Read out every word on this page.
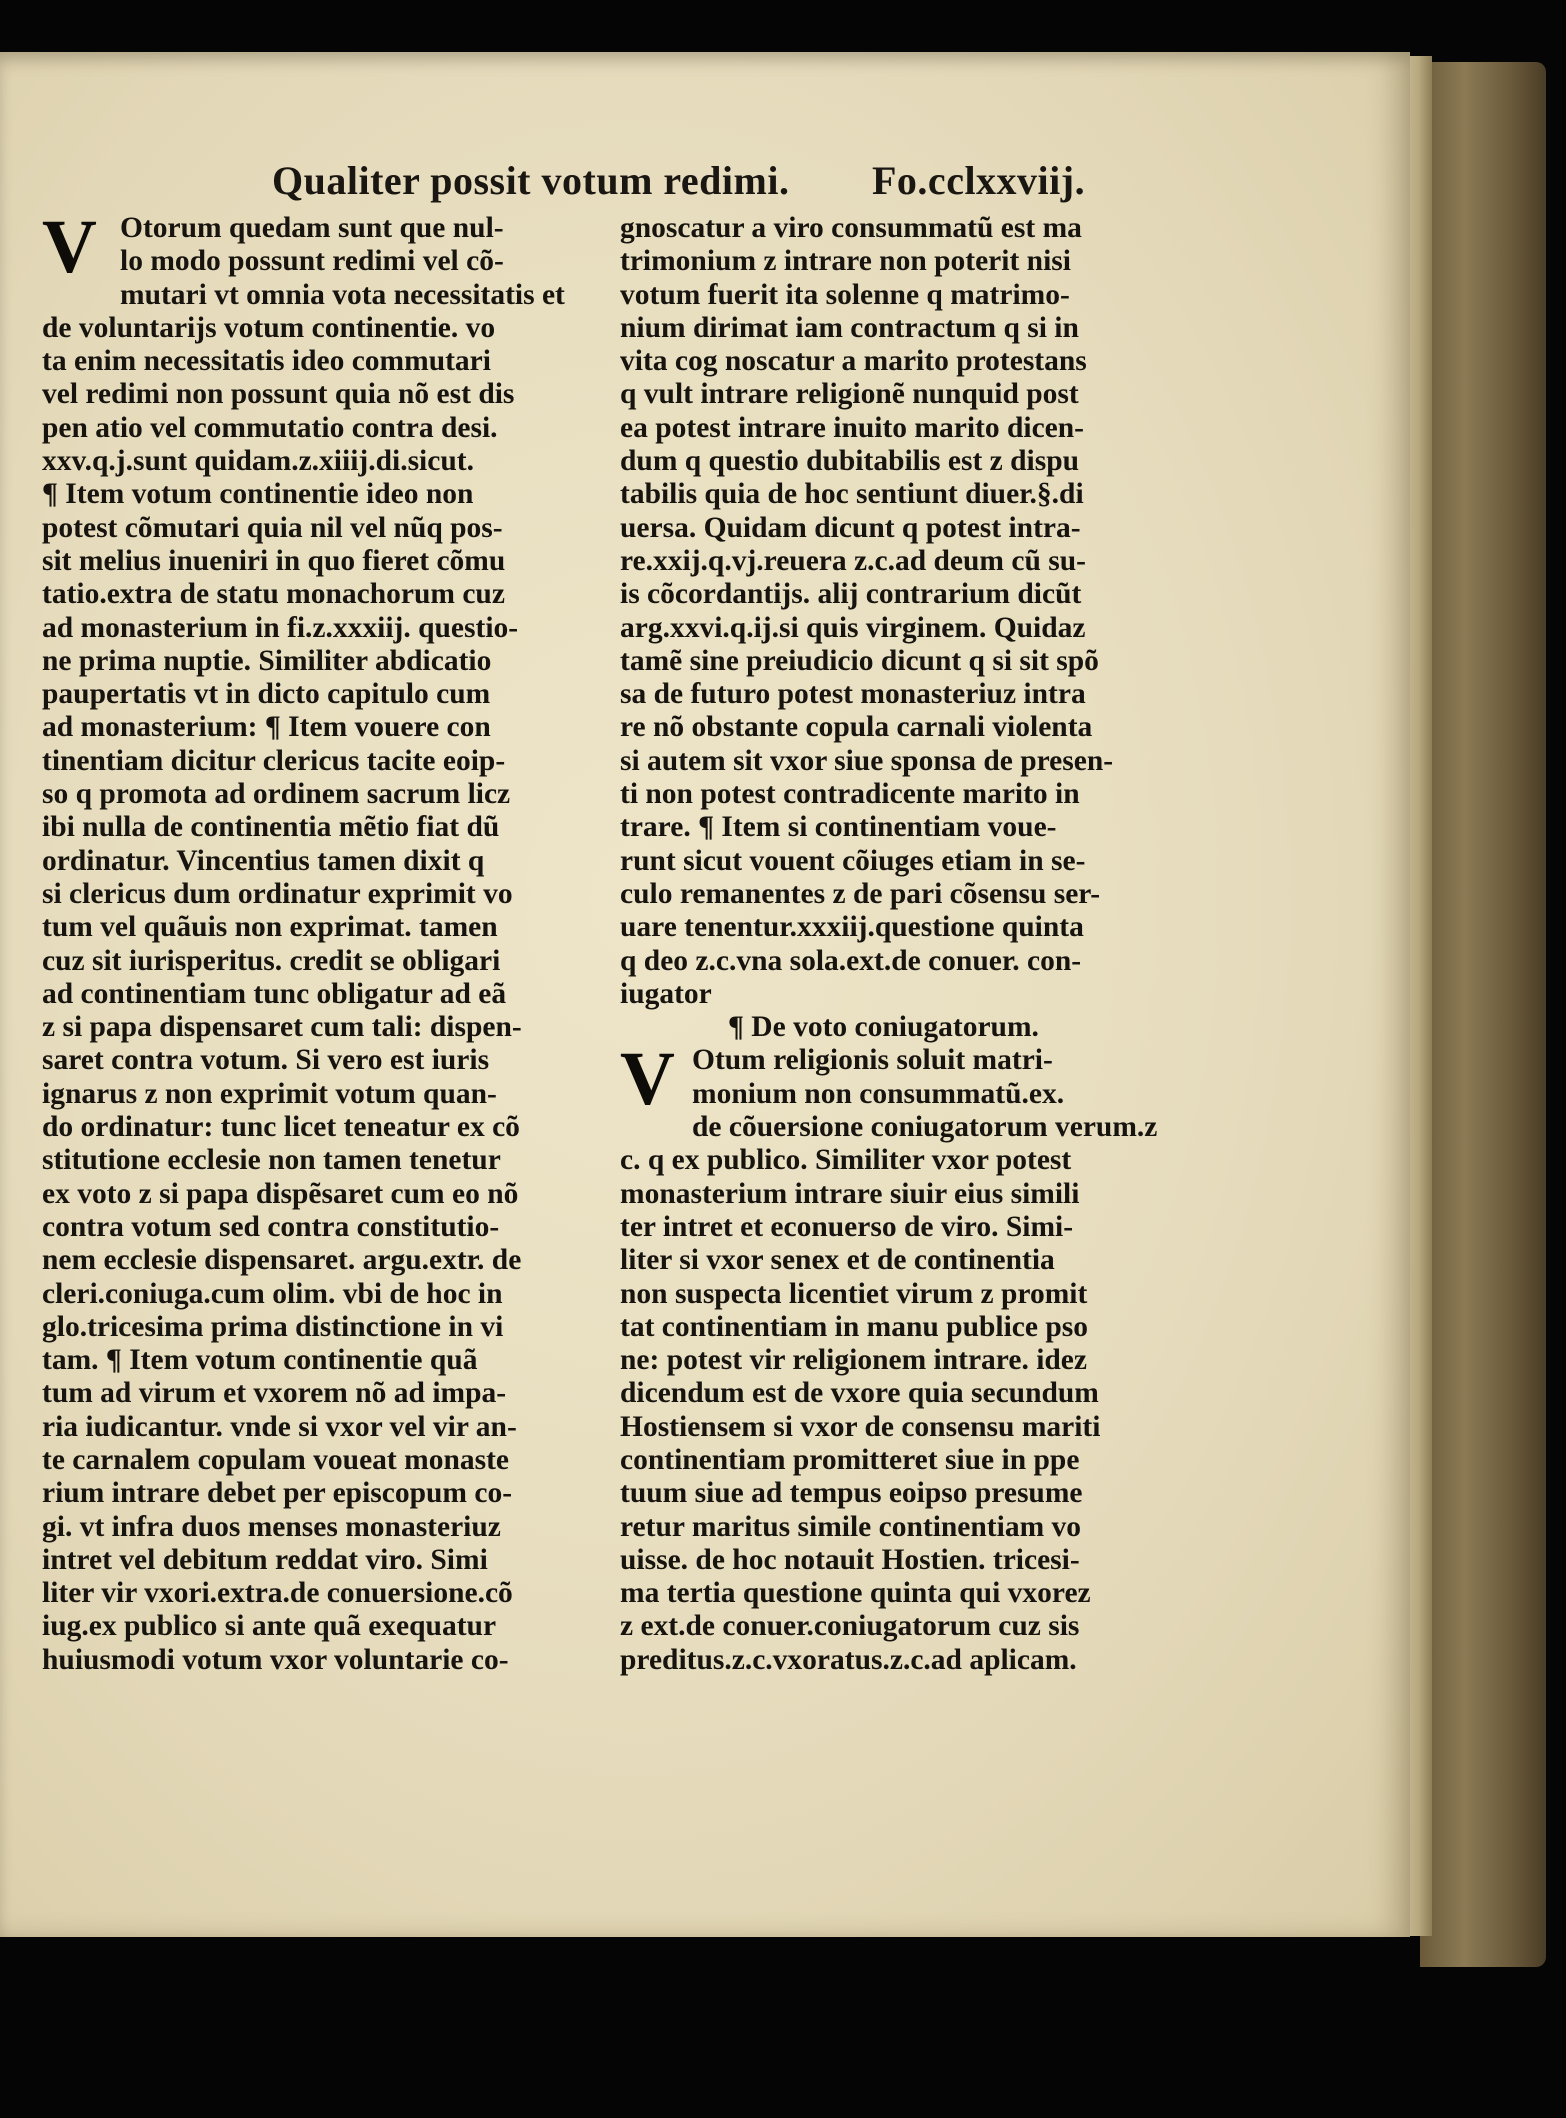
Qualiter possit votum redimi. Fo.cclxxviij.
V Otorum quedam sunt que nul-
lo modo possunt redimi vel cõ-
mutari vt omnia vota necessitatis et
de voluntarijs votum continentie. vo
ta enim necessitatis ideo commutari
vel redimi non possunt quia nõ est dis
pen atio vel commutatio contra desi.
xxv.q.j.sunt quidam.z.xiiij.di.sicut.
¶ Item votum continentie ideo non
potest cõmutari quia nil vel nũq pos-
sit melius inueniri in quo fieret cõmu
tatio.extra de statu monachorum cuz
ad monasterium in fi.z.xxxiij. questio-
ne prima nuptie. Similiter abdicatio
paupertatis vt in dicto capitulo cum
ad monasterium: ¶ Item vouere con
tinentiam dicitur clericus tacite eoip-
so q promota ad ordinem sacrum licz
ibi nulla de continentia mẽtio fiat dũ
ordinatur. Vincentius tamen dixit q
si clericus dum ordinatur exprimit vo
tum vel quãuis non exprimat. tamen
cuz sit iurisperitus. credit se obligari
ad continentiam tunc obligatur ad eã
z si papa dispensaret cum tali: dispen-
saret contra votum. Si vero est iuris
ignarus z non exprimit votum quan-
do ordinatur: tunc licet teneatur ex cõ
stitutione ecclesie non tamen tenetur
ex voto z si papa dispẽsaret cum eo nõ
contra votum sed contra constitutio-
nem ecclesie dispensaret. argu.extr. de
cleri.coniuga.cum olim. vbi de hoc in
glo.tricesima prima distinctione in vi
tam. ¶ Item votum continentie quã
tum ad virum et vxorem nõ ad impa-
ria iudicantur. vnde si vxor vel vir an-
te carnalem copulam voueat monaste
rium intrare debet per episcopum co-
gi. vt infra duos menses monasteriuz
intret vel debitum reddat viro. Simi
liter vir vxori.extra.de conuersione.cõ
iug.ex publico si ante quã exequatur
huiusmodi votum vxor voluntarie co-
gnoscatur a viro consummatũ est ma
trimonium z intrare non poterit nisi
votum fuerit ita solenne q matrimo-
nium dirimat iam contractum q si in
vita cog noscatur a marito protestans
q vult intrare religionẽ nunquid post
ea potest intrare inuito marito dicen-
dum q questio dubitabilis est z dispu
tabilis quia de hoc sentiunt diuer.§.di
uersa. Quidam dicunt q potest intra-
re.xxij.q.vj.reuera z.c.ad deum cũ su-
is cõcordantijs. alij contrarium dicũt
arg.xxvi.q.ij.si quis virginem. Quidaz
tamẽ sine preiudicio dicunt q si sit spõ
sa de futuro potest monasteriuz intra
re nõ obstante copula carnali violenta
si autem sit vxor siue sponsa de presen-
ti non potest contradicente marito in
trare. ¶ Item si continentiam voue-
runt sicut vouent cõiuges etiam in se-
culo remanentes z de pari cõsensu ser-
uare tenentur.xxxiij.questione quinta
q deo z.c.vna sola.ext.de conuer. con-
iugator
¶ De voto coniugatorum.
V Otum religionis soluit matri-
monium non consummatũ.ex.
de cõuersione coniugatorum verum.z
c. q ex publico. Similiter vxor potest
monasterium intrare siuir eius simili
ter intret et econuerso de viro. Simi-
liter si vxor senex et de continentia
non suspecta licentiet virum z promit
tat continentiam in manu publice pso
ne: potest vir religionem intrare. idez
dicendum est de vxore quia secundum
Hostiensem si vxor de consensu mariti
continentiam promitteret siue in ppe
tuum siue ad tempus eoipso presume
retur maritus simile continentiam vo
uisse. de hoc notauit Hostien. tricesi-
ma tertia questione quinta qui vxorez
z ext.de conuer.coniugatorum cuz sis
preditus.z.c.vxoratus.z.c.ad aplicam.
